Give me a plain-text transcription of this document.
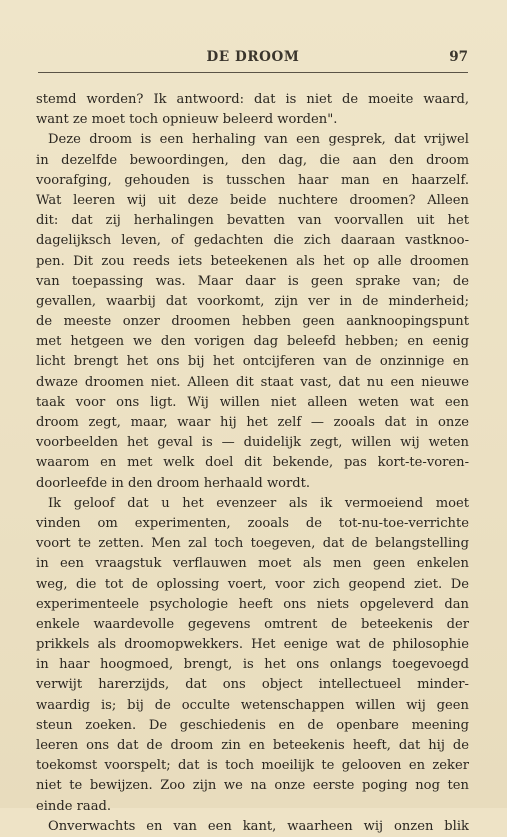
DE DROOM	97
stemd worden? Ik antwoord: dat is niet de moeite waard,
want ze moet toch opnieuw beleerd worden".
Deze droom is een herhaling van een gesprek, dat vrijwel
in dezelfde bewoordingen, den dag, die aan den droom
voorafging, gehouden is tusschen haar man en haarzelf.
Wat leeren wij uit deze beide nuchtere droomen? Alleen
dit: dat zij herhalingen bevatten van voorvallen uit het
dagelijksch leven, of gedachten die zich daaraan vastknoo-
pen. Dit zou reeds iets beteekenen als het op alle droomen
van toepassing was. Maar daar is geen sprake van; de
gevallen, waarbij dat voorkomt, zijn ver in de minderheid;
de meeste onzer droomen hebben geen aanknoopingspunt
met hetgeen we den vorigen dag beleefd hebben; en eenig
licht brengt het ons bij het ontcijferen van de onzinnige en
dwaze droomen niet. Alleen dit staat vast, dat nu een nieuwe
taak voor ons ligt. Wij willen niet alleen weten wat een
droom zegt, maar, waar hij het zelf — zooals dat in onze
voorbeelden het geval is — duidelijk zegt, willen wij weten
waarom en met welk doel dit bekende, pas kort-te-voren-
doorleefde in den droom herhaald wordt.
Ik geloof dat u het evenzeer als ik vermoeiend moet
vinden om experimenten, zooals de tot-nu-toe-verrichte
voort te zetten. Men zal toch toegeven, dat de belangstelling
in een vraagstuk verflauwen moet als men geen enkelen
weg, die tot de oplossing voert, voor zich geopend ziet. De
experimenteele psychologie heeft ons niets opgeleverd dan
enkele waardevolle gegevens omtrent de beteekenis der
prikkels als droomopwekkers. Het eenige wat de philosophie
in haar hoogmoed, brengt, is het ons onlangs toegevoegd
verwijt harerzijds, dat ons object intellectueel minder-
waardig is; bij de occulte wetenschappen willen wij geen
steun zoeken. De geschiedenis en de openbare meening
leeren ons dat de droom zin en beteekenis heeft, dat hij de
toekomst voorspelt; dat is toch moeilijk te gelooven en zeker
niet te bewijzen. Zoo zijn we na onze eerste poging nog ten
einde raad.
Onverwachts en van een kant, waarheen wij onzen blik
